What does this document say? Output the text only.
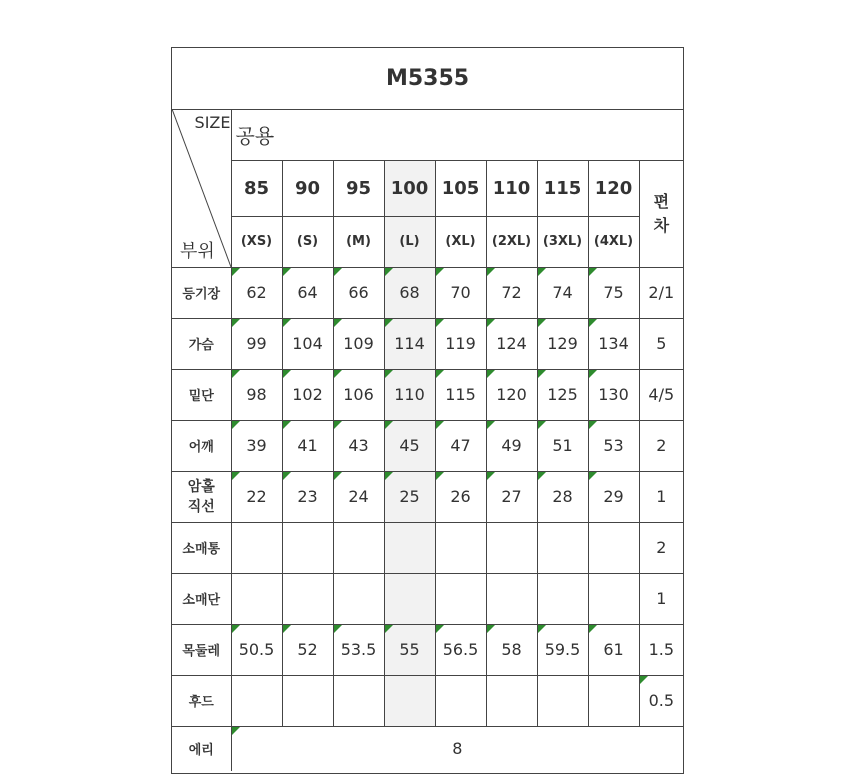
M5355
SIZE
부위	공용								
	85	90	95	100	105	110	115	120	편
차
	(XS)	(S)	(M)	(L)	(XL)	(2XL)	(3XL)	(4XL)	
등기장	62	64	66	68	70	72	74	75	2/1
가슴	99	104	109	114	119	124	129	134	5
밑단	98	102	106	110	115	120	125	130	4/5
어깨	39	41	43	45	47	49	51	53	2
암홀
직선	22	23	24	25	26	27	28	29	1
소매통									2
소매단									1
목둘레	50.5	52	53.5	55	56.5	58	59.5	61	1.5
후드									0.5
에리	8								
